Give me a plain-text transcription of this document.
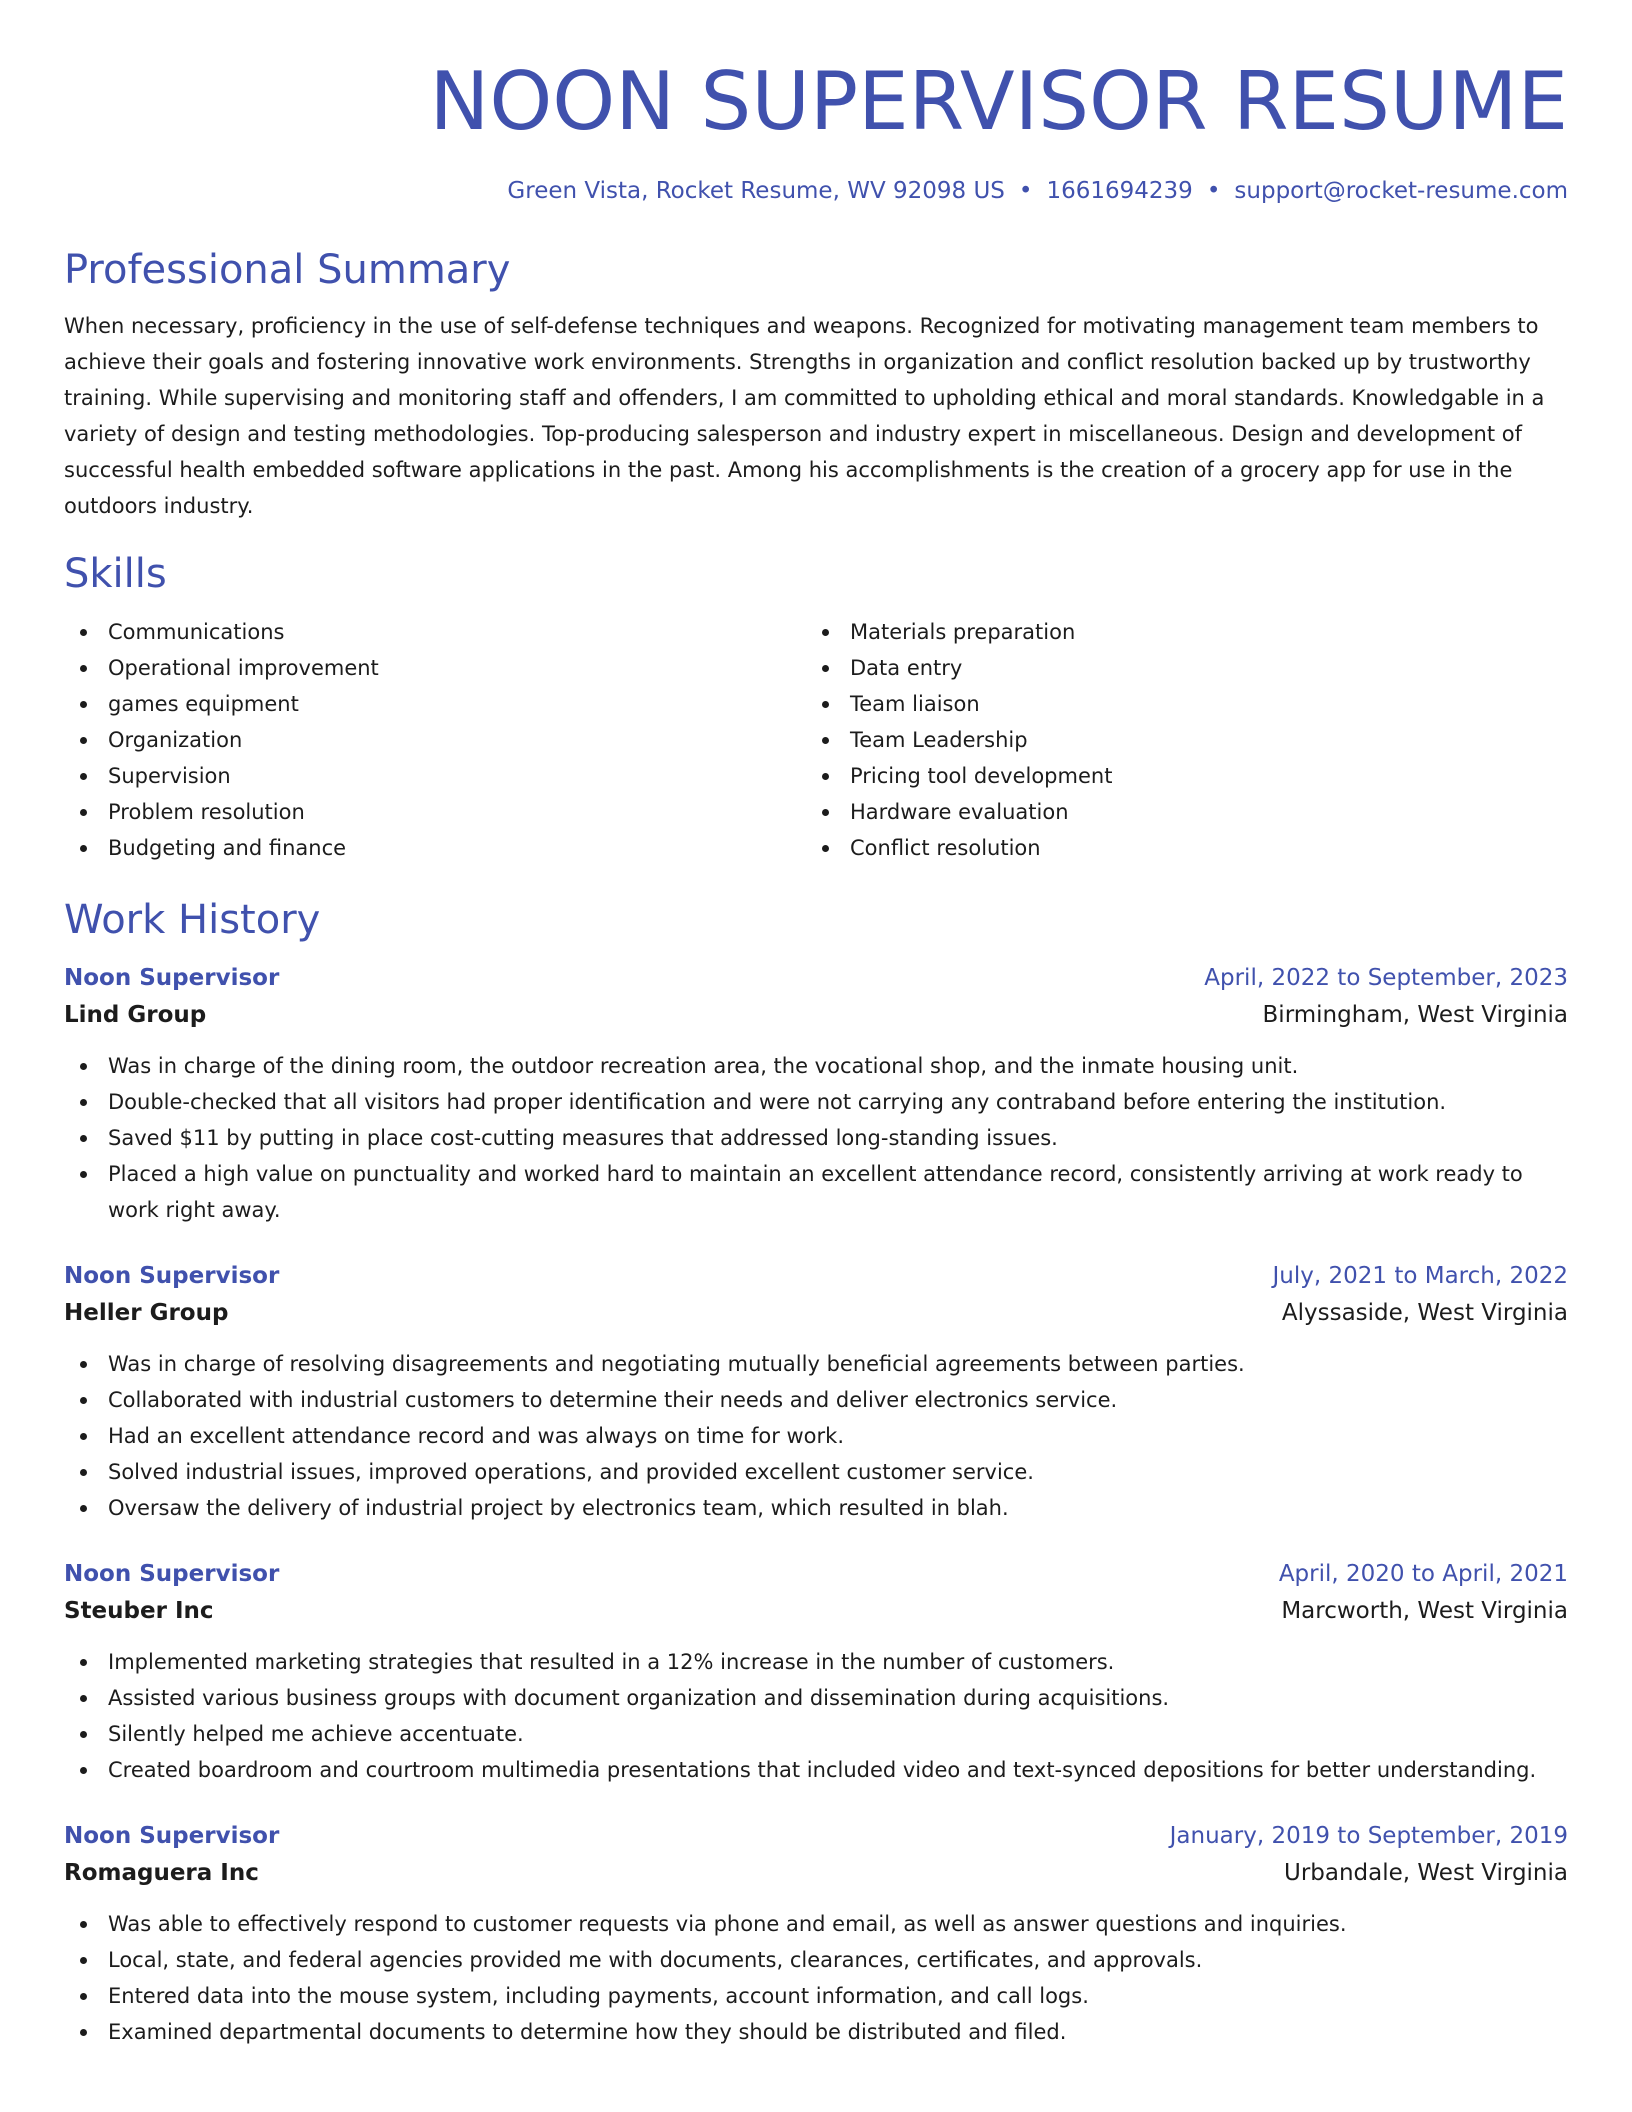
NOON SUPERVISOR RESUME
Green Vista, Rocket Resume, WV 92098 US • 1661694239 • support@rocket-resume.com
Professional Summary
When necessary, proficiency in the use of self-defense techniques and weapons. Recognized for motivating management team members to achieve their goals and fostering innovative work environments. Strengths in organization and conflict resolution backed up by trustworthy training. While supervising and monitoring staff and offenders, I am committed to upholding ethical and moral standards. Knowledgable in a variety of design and testing methodologies. Top-producing salesperson and industry expert in miscellaneous. Design and development of successful health embedded software applications in the past. Among his accomplishments is the creation of a grocery app for use in the outdoors industry.
Skills
Communications
Operational improvement
games equipment
Organization
Supervision
Problem resolution
Budgeting and finance
Materials preparation
Data entry
Team liaison
Team Leadership
Pricing tool development
Hardware evaluation
Conflict resolution
Work History
Noon Supervisor	April, 2022 to September, 2023
Lind Group	Birmingham, West Virginia
Was in charge of the dining room, the outdoor recreation area, the vocational shop, and the inmate housing unit.
Double-checked that all visitors had proper identification and were not carrying any contraband before entering the institution.
Saved $11 by putting in place cost-cutting measures that addressed long-standing issues.
Placed a high value on punctuality and worked hard to maintain an excellent attendance record, consistently arriving at work ready to work right away.
Noon Supervisor	July, 2021 to March, 2022
Heller Group	Alyssaside, West Virginia
Was in charge of resolving disagreements and negotiating mutually beneficial agreements between parties.
Collaborated with industrial customers to determine their needs and deliver electronics service.
Had an excellent attendance record and was always on time for work.
Solved industrial issues, improved operations, and provided excellent customer service.
Oversaw the delivery of industrial project by electronics team, which resulted in blah.
Noon Supervisor	April, 2020 to April, 2021
Steuber Inc	Marcworth, West Virginia
Implemented marketing strategies that resulted in a 12% increase in the number of customers.
Assisted various business groups with document organization and dissemination during acquisitions.
Silently helped me achieve accentuate.
Created boardroom and courtroom multimedia presentations that included video and text-synced depositions for better understanding.
Noon Supervisor	January, 2019 to September, 2019
Romaguera Inc	Urbandale, West Virginia
Was able to effectively respond to customer requests via phone and email, as well as answer questions and inquiries.
Local, state, and federal agencies provided me with documents, clearances, certificates, and approvals.
Entered data into the mouse system, including payments, account information, and call logs.
Examined departmental documents to determine how they should be distributed and filed.
